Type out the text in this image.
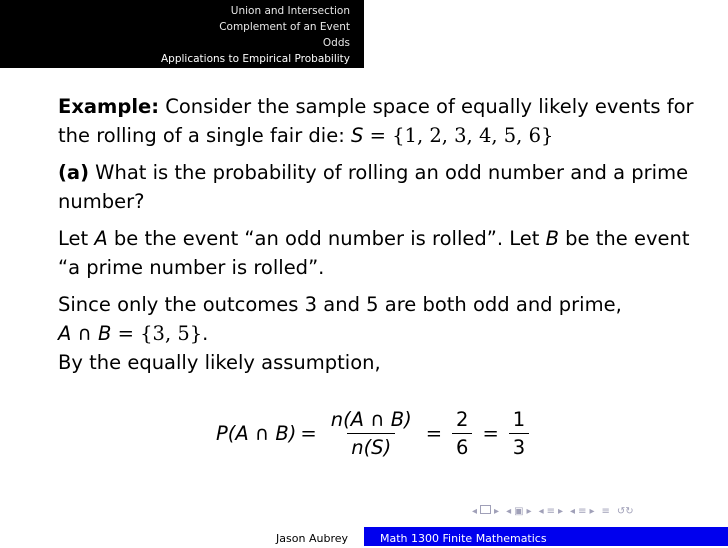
Union and Intersection
Complement of an Event
Odds
Applications to Empirical Probability

Example: Consider the sample space of equally likely events for the rolling of a single fair die: S = {1, 2, 3, 4, 5, 6}

(a) What is the probability of rolling an odd number and a prime number?

Let A be the event “an odd number is rolled”. Let B be the event “a prime number is rolled”.

Since only the outcomes 3 and 5 are both odd and prime,

A ∩ B = {3, 5}.

By the equally likely assumption,

P(A ∩ $B) = \frac{n(A \cap B)}{n(S)} = \frac{2}{6} = \frac{1}{3}$
◂ ▸ ◂ ▣ ▸ ◂ ≡ ▸ ◂ ≡ ▸ ≡ ↺↻
Jason Aubrey	Math 1300 Finite Mathematics
